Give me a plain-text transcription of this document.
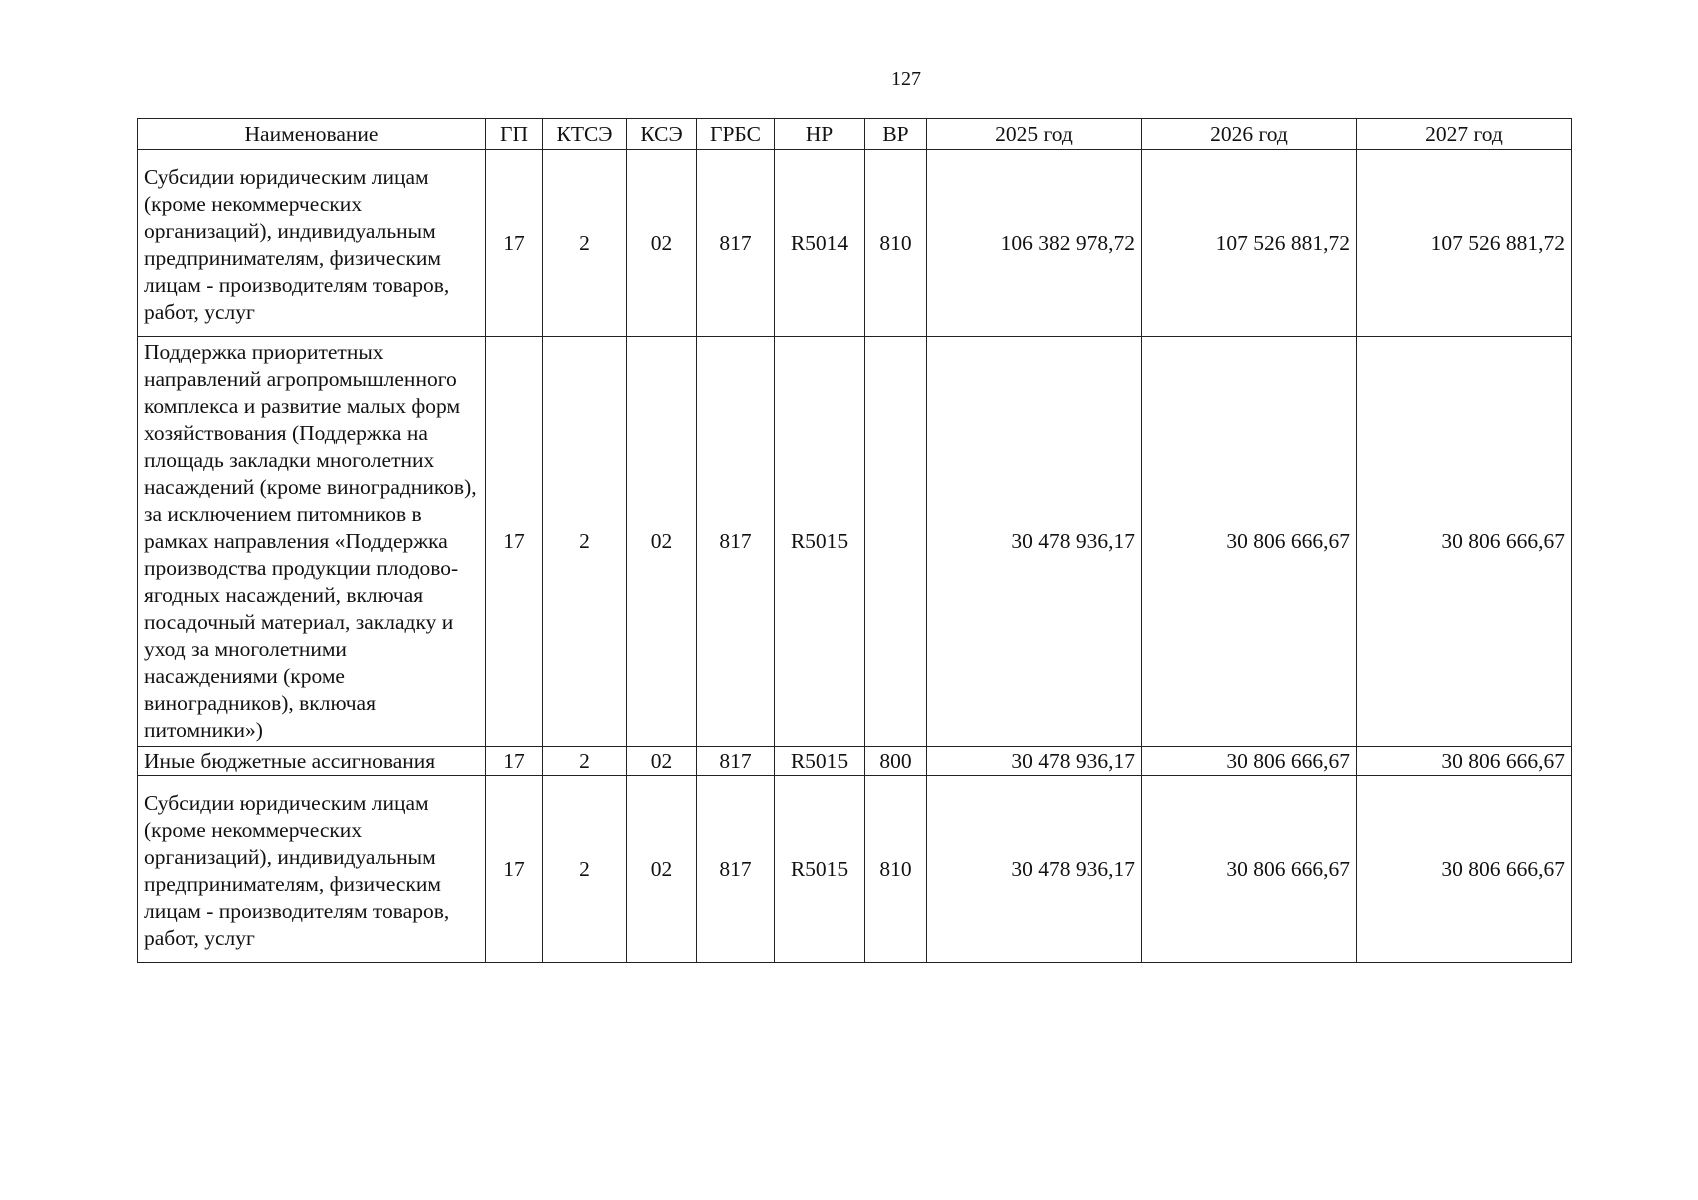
127
Наименование	ГП	КТСЭ	КСЭ	ГРБС	НР	ВР	2025 год	2026 год	2027 год
Субсидии юридическим лицам (кроме некоммерческих организаций), индивидуальным предпринимателям, физическим лицам - производителям товаров, работ, услуг	17	2	02	817	R5014	810	106 382 978,72	107 526 881,72	107 526 881,72
Поддержка приоритетных направлений агропромышленного комплекса и развитие малых форм хозяйствования (Поддержка на площадь закладки многолетних насаждений (кроме виноградников), за исключением питомников в рамках направления «Поддержка производства продукции плодово-ягодных насаждений, включая посадочный материал, закладку и уход за многолетними насаждениями (кроме виноградников), включая питомники»)	17	2	02	817	R5015		30 478 936,17	30 806 666,67	30 806 666,67
Иные бюджетные ассигнования	17	2	02	817	R5015	800	30 478 936,17	30 806 666,67	30 806 666,67
Субсидии юридическим лицам (кроме некоммерческих организаций), индивидуальным предпринимателям, физическим лицам - производителям товаров, работ, услуг	17	2	02	817	R5015	810	30 478 936,17	30 806 666,67	30 806 666,67
